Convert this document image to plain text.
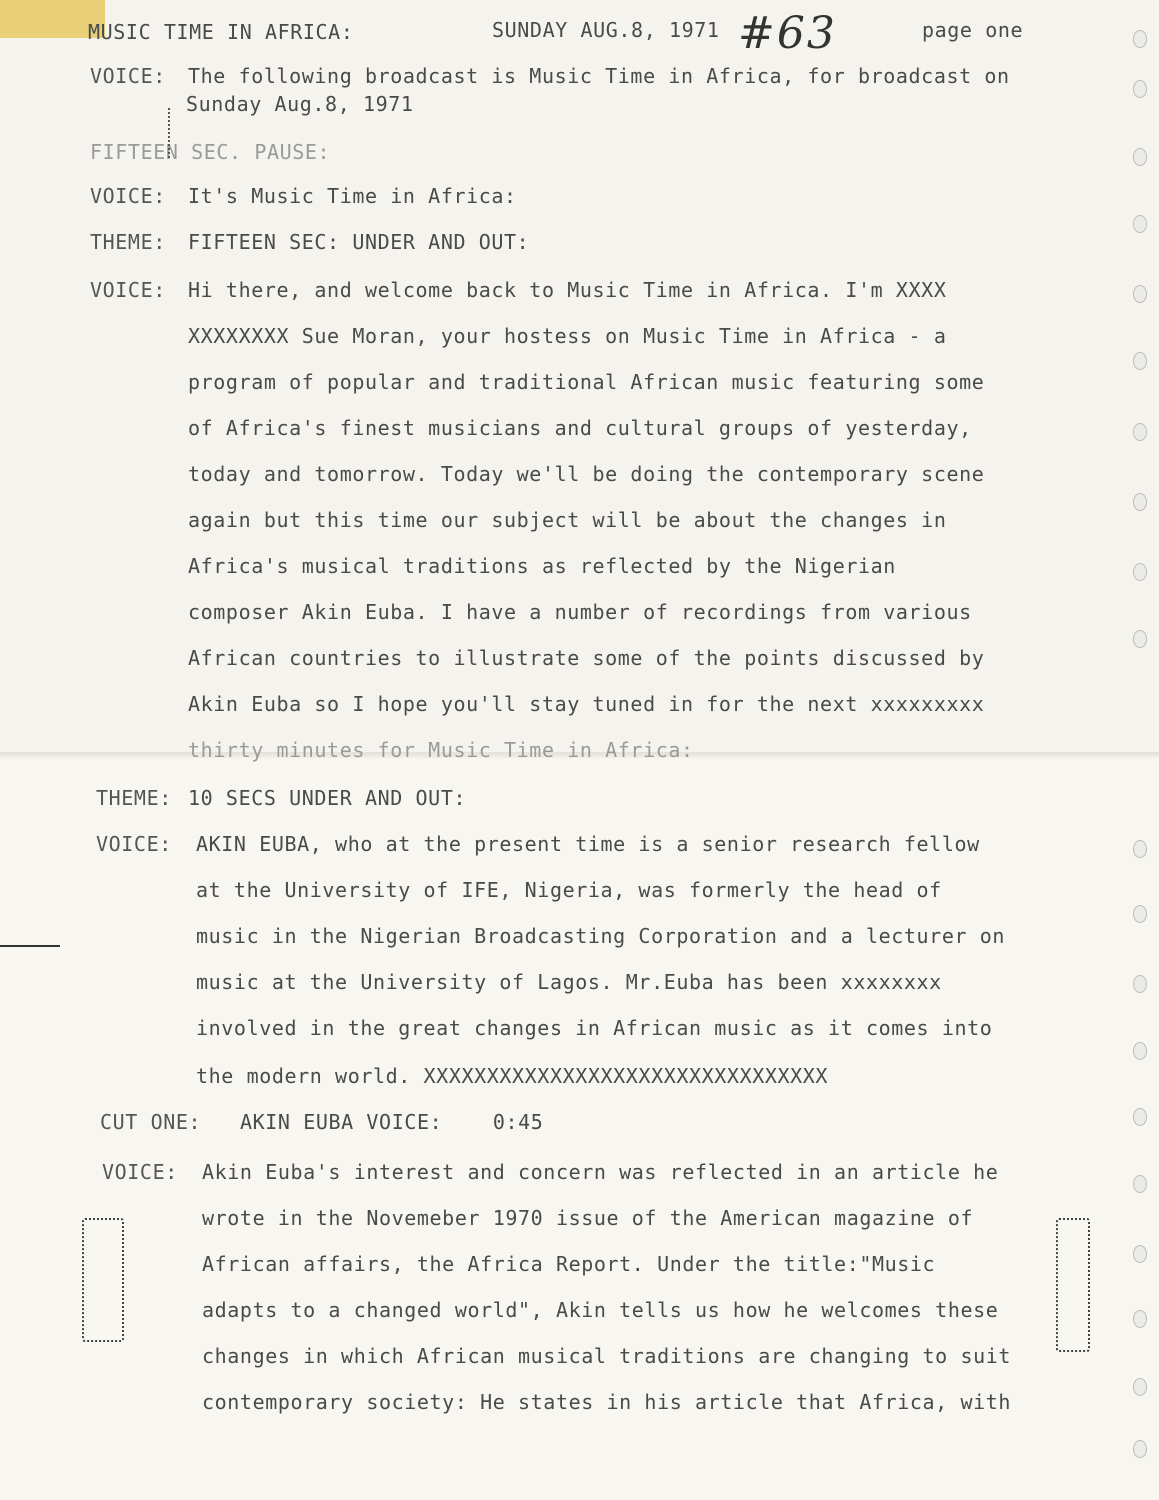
MUSIC TIME IN AFRICA:	SUNDAY AUG.8, 1971 #63	page one
VOICE: The following broadcast is Music Time in Africa, for broadcast on
Sunday Aug.8, 1971
FIFTEEN SEC. PAUSE:
VOICE: It's Music Time in Africa:
THEME: FIFTEEN SEC: UNDER AND OUT:
VOICE: Hi there, and welcome back to Music Time in Africa. I'm XXXX
XXXXXXXX Sue Moran, your hostess on Music Time in Africa - a
program of popular and traditional African music featuring some
of Africa's finest musicians and cultural groups of yesterday,
today and tomorrow. Today we'll be doing the contemporary scene
again but this time our subject will be about the changes in
Africa's musical traditions as reflected by the Nigerian
composer Akin Euba. I have a number of recordings from various
African countries to illustrate some of the points discussed by
Akin Euba so I hope you'll stay tuned in for the next xxxxxxxxx
thirty minutes for Music Time in Africa:
THEME: 10 SECS UNDER AND OUT:
VOICE: AKIN EUBA, who at the present time is a senior research fellow
at the University of IFE, Nigeria, was formerly the head of
music in the Nigerian Broadcasting Corporation and a lecturer on
music at the University of Lagos. Mr.Euba has been xxxxxxxx
involved in the great changes in African music as it comes into
the modern world. XXXXXXXXXXXXXXXXXXXXXXXXXXXXXXXX
CUT ONE: AKIN EUBA VOICE:    0:45
VOICE: Akin Euba's interest and concern was reflected in an article he
wrote in the Novemeber 1970 issue of the American magazine of
African affairs, the Africa Report. Under the title:"Music
adapts to a changed world", Akin tells us how he welcomes these
changes in which African musical traditions are changing to suit
contemporary society: He states in his article that Africa, with
